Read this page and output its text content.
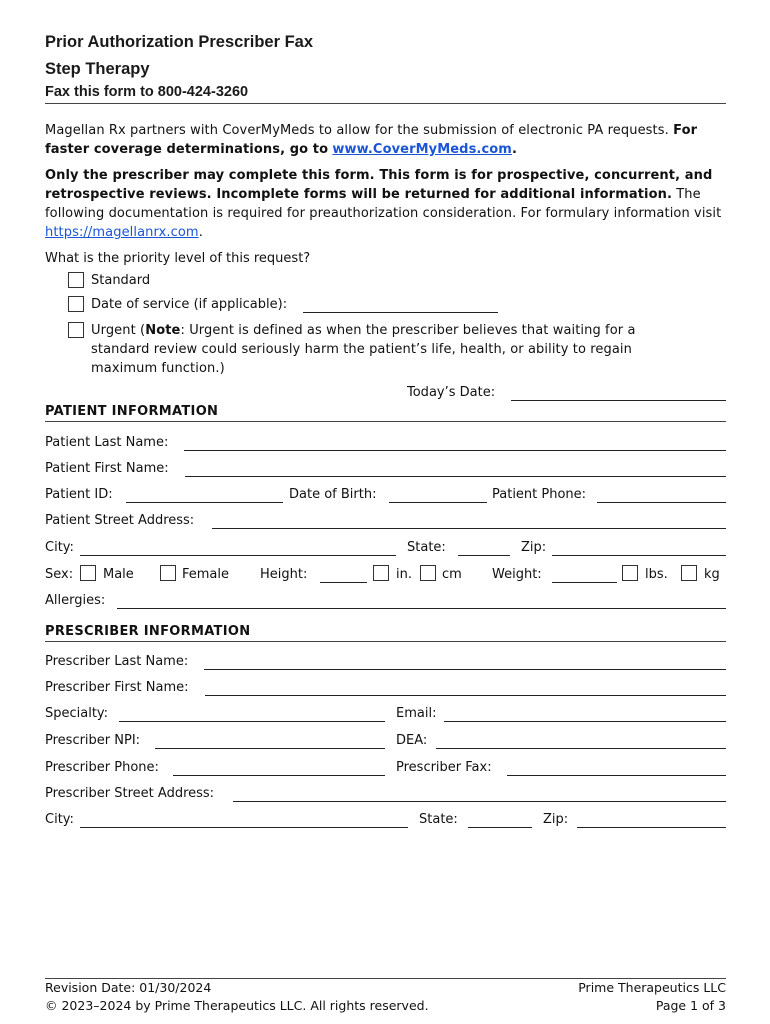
Prior Authorization Prescriber Fax
Step Therapy
Fax this form to 800-424-3260
Magellan Rx partners with CoverMyMeds to allow for the submission of electronic PA requests. For faster coverage determinations, go to www.CoverMyMeds.com.
Only the prescriber may complete this form. This form is for prospective, concurrent, and retrospective reviews. Incomplete forms will be returned for additional information. The following documentation is required for preauthorization consideration. For formulary information visit https://magellanrx.com.
What is the priority level of this request?
Standard
Date of service (if applicable):
Urgent (Note: Urgent is defined as when the prescriber believes that waiting for a standard review could seriously harm the patient’s life, health, or ability to regain maximum function.)
Today’s Date:
PATIENT INFORMATION
Patient Last Name:
Patient First Name:
Patient ID:	Date of Birth:	Patient Phone:
Patient Street Address:
City:	State:	Zip:
Sex: Male	Female Height:	in. cm Weight:	lbs.	kg
Allergies:
PRESCRIBER INFORMATION
Prescriber Last Name:
Prescriber First Name:
Specialty:	Email:
Prescriber NPI:	DEA:
Prescriber Phone:	Prescriber Fax:
Prescriber Street Address:
City:	State:	Zip:
Revision Date: 01/30/2024
© 2023–2024 by Prime Therapeutics LLC. All rights reserved.
Prime Therapeutics LLC
Page 1 of 3
